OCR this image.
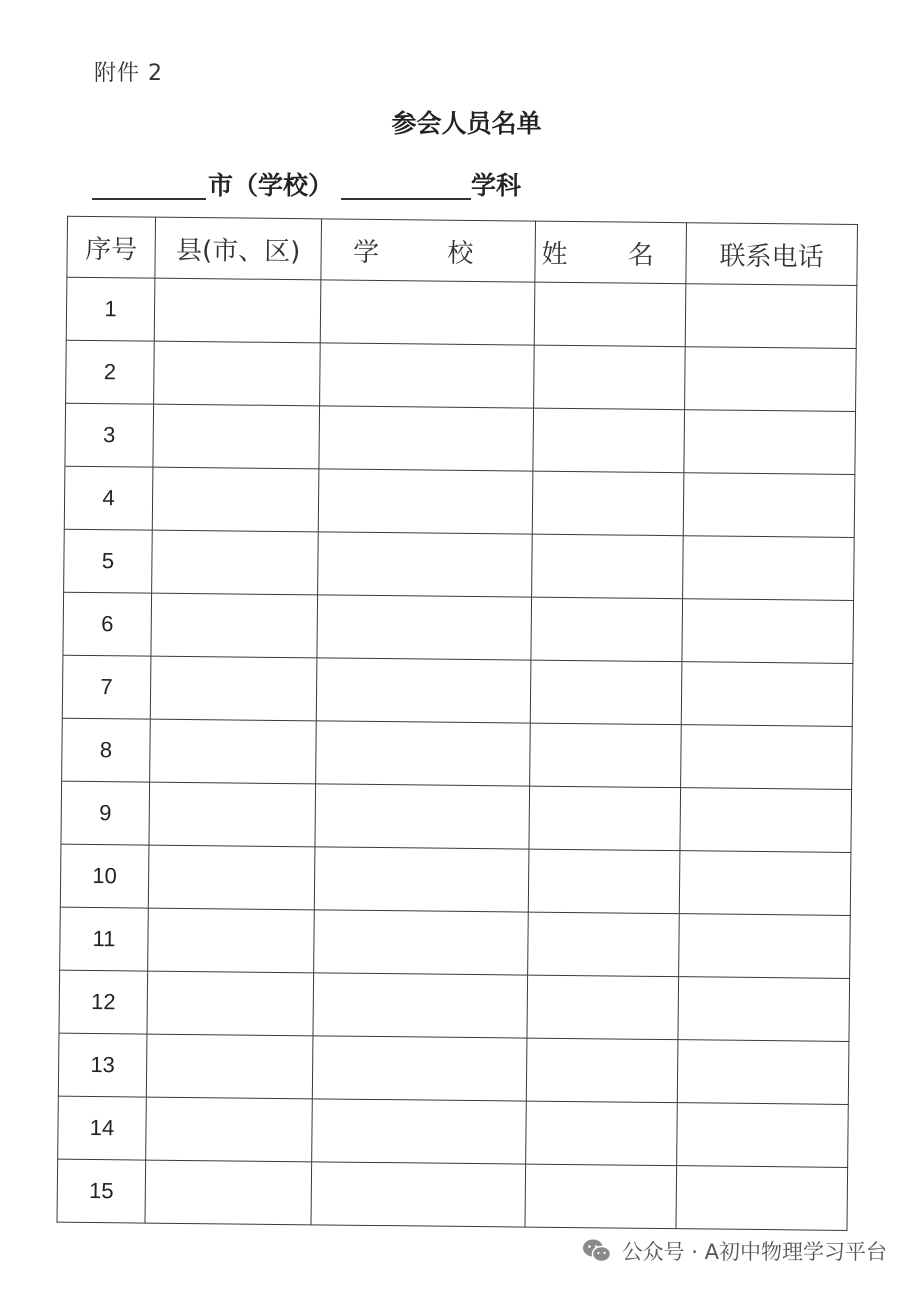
附件 2
参会人员名单
市（学校）	学科
序号	县(市、区)	学 校	姓 名	联系电话
1				
2				
3				
4				
5				
6				
7				
8				
9				
10				
11				
12				
13				
14				
15				
公众号 · A初中物理学习平台
